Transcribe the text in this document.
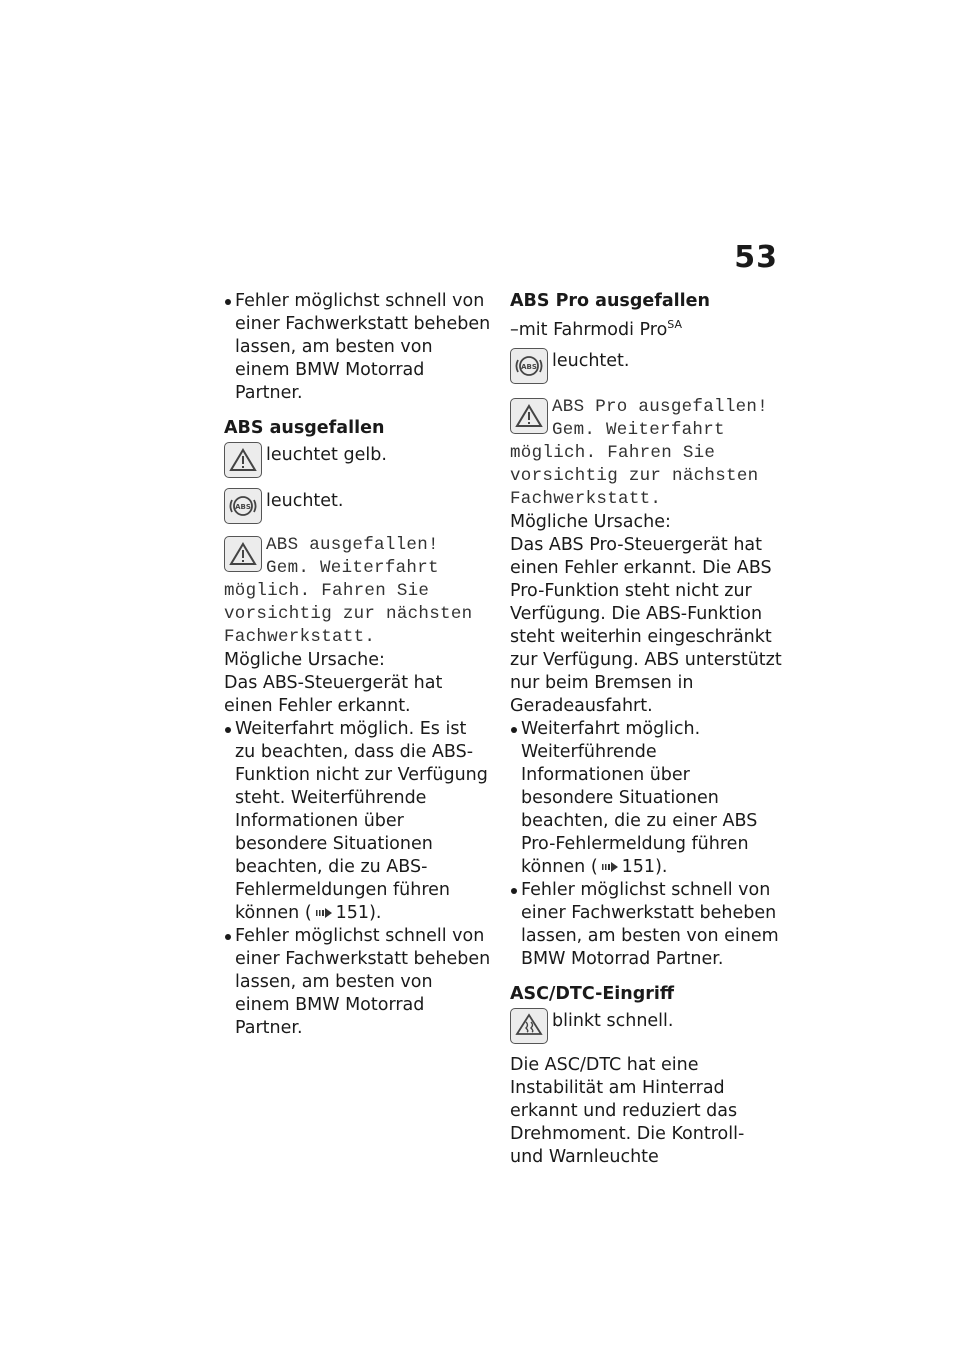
53
Fehler möglichst schnell von einer Fachwerkstatt beheben lassen, am besten von einem BMW Motorrad Partner.
ABS ausgefallen
leuchtet gelb.
ABS leuchtet.
ABS ausgefallen! Gem. Weiterfahrt möglich. Fahren Sie vorsichtig zur nächsten Fachwerkstatt.
Mögliche Ursache:
Das ABS-Steuergerät hat einen Fehler erkannt.
Weiterfahrt möglich. Es ist zu beachten, dass die ABS-Funktion nicht zur Verfügung steht. Weiterführende Informationen über besondere Situationen beachten, die zu ABS-Fehlermeldungen führen können ( 151).
Fehler möglichst schnell von einer Fachwerkstatt beheben lassen, am besten von einem BMW Motorrad Partner.
ABS Pro ausgefallen
–mit Fahrmodi Pro$^{SA}$
ABS leuchtet.
ABS Pro ausgefallen! Gem. Weiterfahrt möglich. Fahren Sie vorsichtig zur nächsten Fachwerkstatt.
Mögliche Ursache:
Das ABS Pro-Steuergerät hat einen Fehler erkannt. Die ABS Pro-Funktion steht nicht zur Verfügung. Die ABS-Funktion steht weiterhin eingeschränkt zur Verfügung. ABS unterstützt nur beim Bremsen in Geradeausfahrt.
Weiterfahrt möglich. Weiterführende Informationen über besondere Situationen beachten, die zu einer ABS Pro-Fehlermeldung führen können ( 151).
Fehler möglichst schnell von einer Fachwerkstatt beheben lassen, am besten von einem BMW Motorrad Partner.
ASC/DTC-Eingriff
blinkt schnell.
Die ASC/DTC hat eine Instabilität am Hinterrad erkannt und reduziert das Drehmoment. Die Kontroll- und Warnleuchte
